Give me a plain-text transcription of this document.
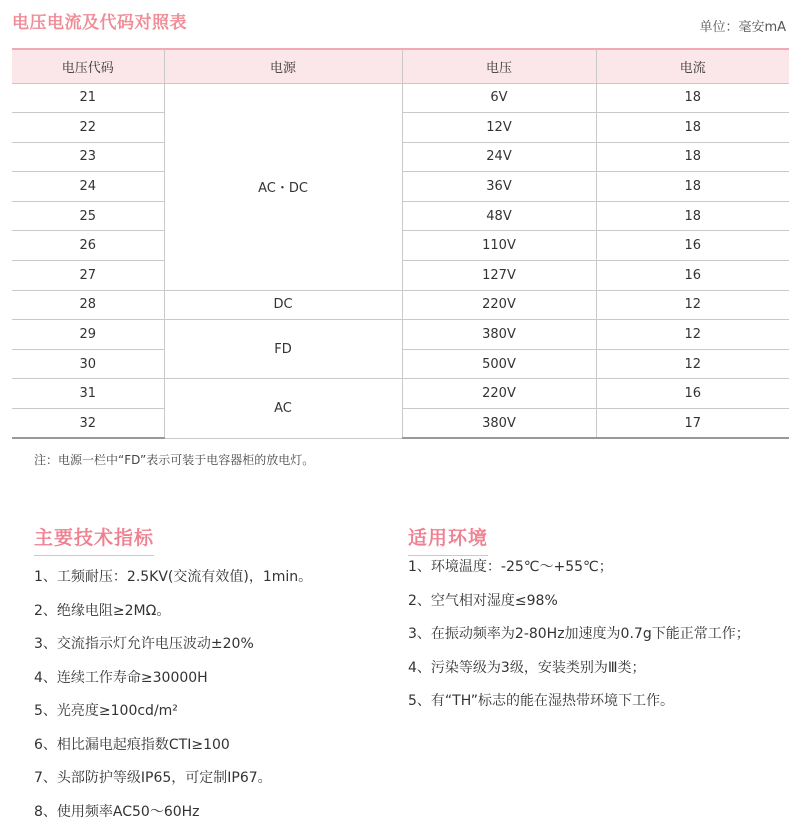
电压电流及代码对照表	单位：毫安mA
电压代码	电源	电压	电流
21	AC・DC	6V	18
22		12V	18
23		24V	18
24		36V	18
25		48V	18
26		110V	16
27		127V	16
28	DC	220V	12
29	FD	380V	12
30		500V	12
31	AC	220V	16
32		380V	17
注：电源一栏中“FD”表示可装于电容器柜的放电灯。
主要技术指标
1、工频耐压：2.5KV(交流有效值)，1min。
2、绝缘电阻≥2MΩ。
3、交流指示灯允许电压波动±20%
4、连续工作寿命≥30000H
5、光亮度≥100cd/m²
6、相比漏电起痕指数CTI≥100
7、头部防护等级IP65，可定制IP67。
8、使用频率AC50～60Hz
适用环境
1、环境温度：-25℃～+55℃；
2、空气相对湿度≤98%
3、在振动频率为2-80Hz加速度为0.7g下能正常工作；
4、污染等级为3级，安装类别为Ⅲ类；
5、有“TH”标志的能在湿热带环境下工作。
